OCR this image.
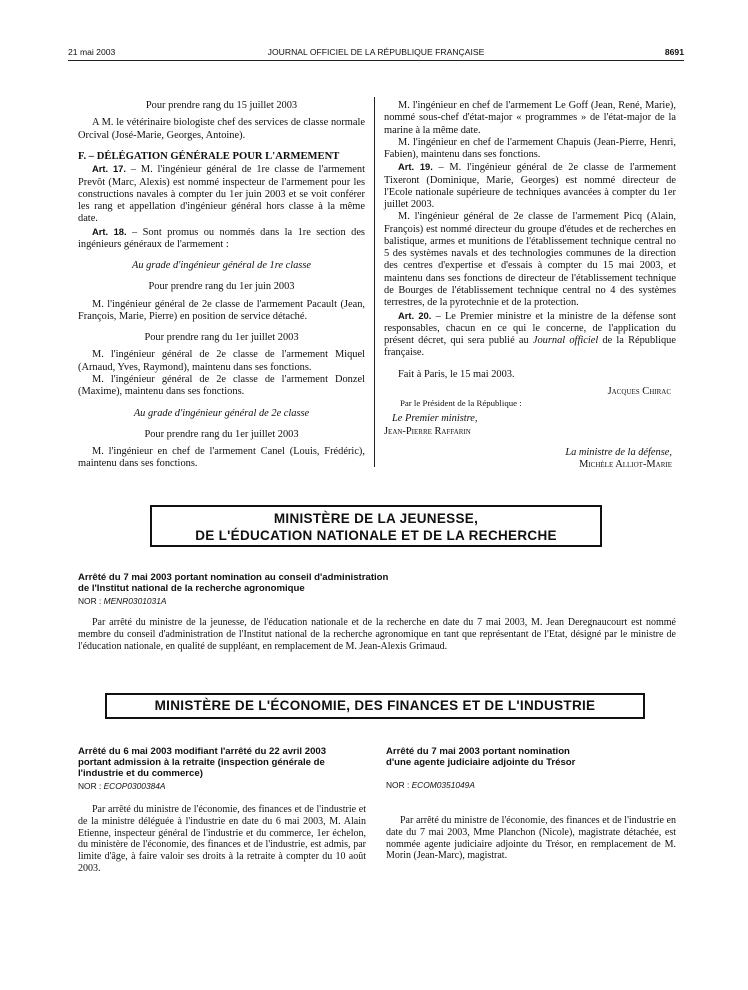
21 mai 2003	JOURNAL OFFICIEL DE LA RÉPUBLIQUE FRANÇAISE	8691

Pour prendre rang du 15 juillet 2003

A M. le vétérinaire biologiste chef des services de classe normale Orcival (José-Marie, Georges, Antoine).

F. – DÉLÉGATION GÉNÉRALE POUR L'ARMEMENT

Art. 17. – M. l'ingénieur général de 1re classe de l'armement Prevôt (Marc, Alexis) est nommé inspecteur de l'armement pour les constructions navales à compter du 1er juin 2003 et se voit conférer les rang et appellation d'ingénieur général hors classe à la même date.

Art. 18. – Sont promus ou nommés dans la 1re section des ingénieurs généraux de l'armement :

Au grade d'ingénieur général de 1re classe

Pour prendre rang du 1er juin 2003

M. l'ingénieur général de 2e classe de l'armement Pacault (Jean, François, Marie, Pierre) en position de service détaché.

Pour prendre rang du 1er juillet 2003

M. l'ingénieur général de 2e classe de l'armement Miquel (Arnaud, Yves, Raymond), maintenu dans ses fonctions.

M. l'ingénieur général de 2e classe de l'armement Donzel (Maxime), maintenu dans ses fonctions.

Au grade d'ingénieur général de 2e classe

Pour prendre rang du 1er juillet 2003

M. l'ingénieur en chef de l'armement Canel (Louis, Frédéric), maintenu dans ses fonctions.

M. l'ingénieur en chef de l'armement Le Goff (Jean, René, Marie), nommé sous-chef d'état-major « programmes » de l'état-major de la marine à la même date.

M. l'ingénieur en chef de l'armement Chapuis (Jean-Pierre, Henri, Fabien), maintenu dans ses fonctions.

Art. 19. – M. l'ingénieur général de 2e classe de l'armement Tixeront (Dominique, Marie, Georges) est nommé directeur de l'Ecole nationale supérieure de techniques avancées à compter du 1er juillet 2003.

M. l'ingénieur général de 2e classe de l'armement Picq (Alain, François) est nommé directeur du groupe d'études et de recherches en balistique, armes et munitions de l'établissement technique central no 5 des systèmes navals et des technologies communes de la direction des centres d'expertise et d'essais à compter du 15 mai 2003, et maintenu dans ses fonctions de directeur de l'établissement technique de Bourges de l'établissement technique central no 4 des systèmes terrestres, de la pyrotechnie et de la protection.

Art. 20. – Le Premier ministre et la ministre de la défense sont responsables, chacun en ce qui le concerne, de l'application du présent décret, qui sera publié au Journal officiel de la République française.

Fait à Paris, le 15 mai 2003.

Jacques Chirac

Par le Président de la République :

Le Premier ministre,

Jean-Pierre Raffarin

La ministre de la défense,

Michèle Alliot-Marie

MINISTÈRE DE LA JEUNESSE,
DE L'ÉDUCATION NATIONALE ET DE LA RECHERCHE

Arrêté du 7 mai 2003 portant nomination au conseil d'administration

de l'Institut national de la recherche agronomique

NOR : MENR0301031A

Par arrêté du ministre de la jeunesse, de l'éducation nationale et de la recherche en date du 7 mai 2003, M. Jean Deregnaucourt est nommé membre du conseil d'administration de l'Institut national de la recherche agronomique en tant que représentant de l'Etat, désigné par le ministre de l'éducation nationale, en qualité de suppléant, en remplacement de M. Jean-Alexis Grimaud.

MINISTÈRE DE L'ÉCONOMIE, DES FINANCES ET DE L'INDUSTRIE

Arrêté du 6 mai 2003 modifiant l'arrêté du 22 avril 2003

portant admission à la retraite (inspection générale de

l'industrie et du commerce)

NOR : ECOP0300384A

Par arrêté du ministre de l'économie, des finances et de l'industrie et de la ministre déléguée à l'industrie en date du 6 mai 2003, M. Alain Etienne, inspecteur général de l'industrie et du commerce, 1er échelon, du ministère de l'économie, des finances et de l'industrie, est admis, par limite d'âge, à faire valoir ses droits à la retraite à compter du 10 août 2003.

Arrêté du 7 mai 2003 portant nomination

d'une agente judiciaire adjointe du Trésor

NOR : ECOM0351049A

Par arrêté du ministre de l'économie, des finances et de l'industrie en date du 7 mai 2003, Mme Planchon (Nicole), magistrate détachée, est nommée agente judiciaire adjointe du Trésor, en remplacement de M. Morin (Jean-Marc), magistrat.
